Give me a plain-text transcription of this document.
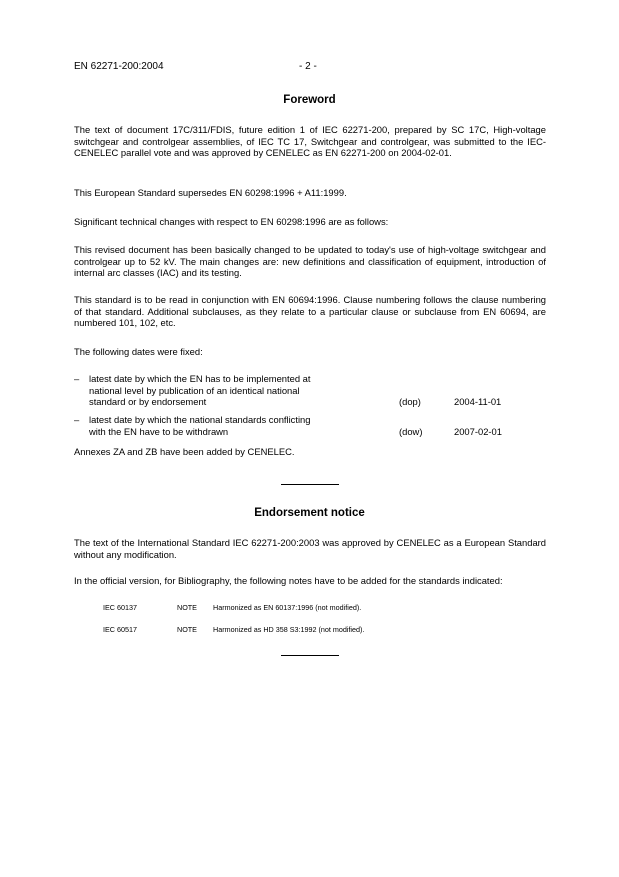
EN 62271-200:2004	- 2 -
Foreword

The text of document 17C/311/FDIS, future edition 1 of IEC 62271-200, prepared by SC 17C, High-voltage switchgear and controlgear assemblies, of IEC TC 17, Switchgear and controlgear, was submitted to the IEC-CENELEC parallel vote and was approved by CENELEC as EN 62271-200 on 2004-02-01.

This European Standard supersedes EN 60298:1996 + A11:1999.

Significant technical changes with respect to EN 60298:1996 are as follows:

This revised document has been basically changed to be updated to today's use of high-voltage switchgear and controlgear up to 52 kV. The main changes are: new definitions and classification of equipment, introduction of internal arc classes (IAC) and its testing.

This standard is to be read in conjunction with EN 60694:1996. Clause numbering follows the clause numbering of that standard. Additional subclauses, as they relate to a particular clause or subclause from EN 60694, are numbered 101, 102, etc.

The following dates were fixed:

– latest date by which the EN has to be implemented at national level by publication of an identical national standard or by endorsement	(dop)	2004-11-01
– latest date by which the national standards conflicting with the EN have to be withdrawn	(dow)	2007-02-01

Annexes ZA and ZB have been added by CENELEC.

Endorsement notice

The text of the International Standard IEC 62271-200:2003 was approved by CENELEC as a European Standard without any modification.

In the official version, for Bibliography, the following notes have to be added for the standards indicated:

IEC 60137	NOTE Harmonized as EN 60137:1996 (not modified).
IEC 60517	NOTE Harmonized as HD 358 S3:1992 (not modified).
